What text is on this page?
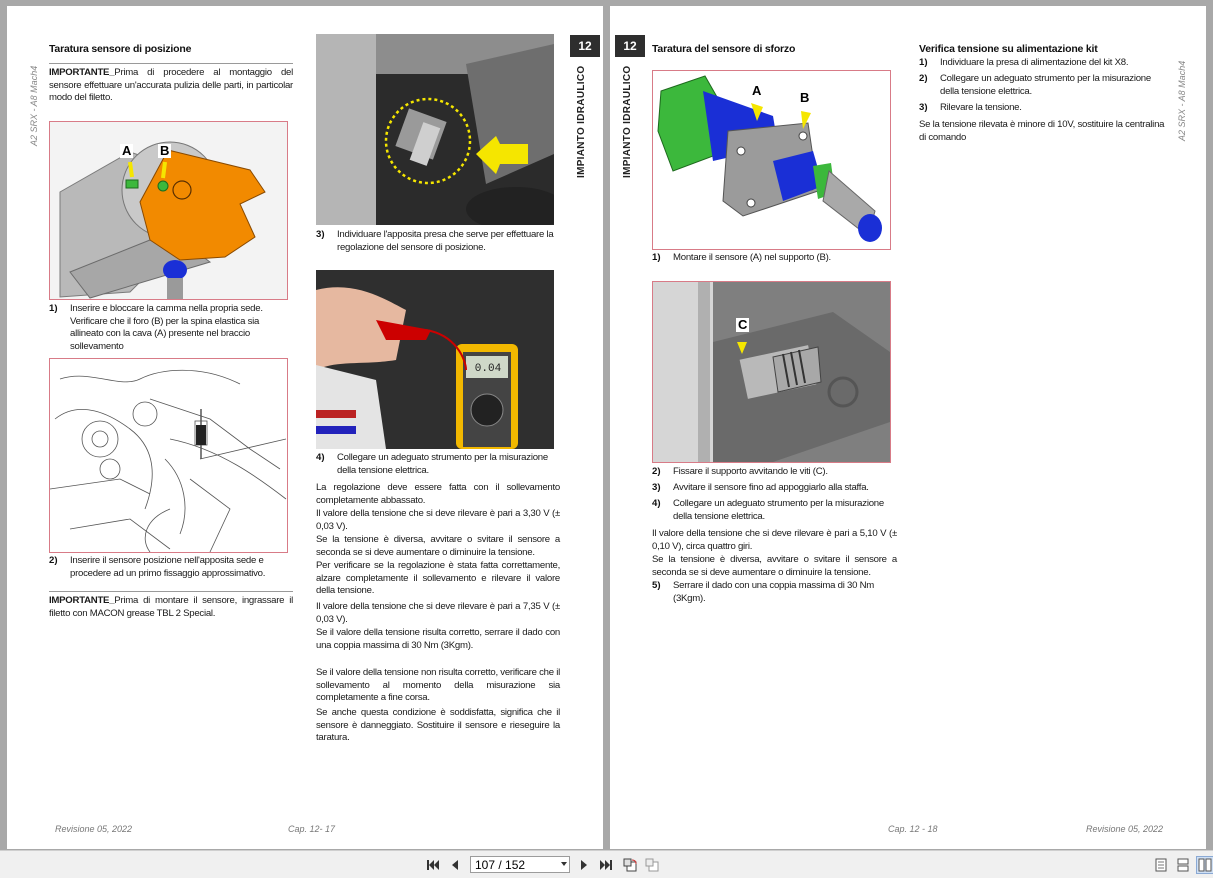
A2 SRX - A8 Mach4
12
IMPIANTO IDRAULICO
Taratura sensore di posizione
IMPORTANTE_Prima di procedere al montaggio del sensore effettuare un'accurata pulizia delle parti, in particolar modo del filetto.
A B
1) Inserire e bloccare la camma nella propria sede. Verificare che il foro (B) per la spina elastica sia allineato con la cava (A) presente nel braccio sollevamento
2) Inserire il sensore posizione nell'apposita sede e procedere ad un primo fissaggio approssimativo.
IMPORTANTE_Prima di montare il sensore, ingrassare il filetto con MACON grease TBL 2 Special.
3) Individuare l'apposita presa che serve per effettuare la regolazione del sensore di posizione.
0.04
4) Collegare un adeguato strumento per la misurazione della tensione elettrica.
La regolazione deve essere fatta con il sollevamento completamente abbassato.
Il valore della tensione che si deve rilevare è pari a 3,30 V (± 0,03 V).
Se la tensione è diversa, avvitare o svitare il sensore a seconda se si deve aumentare o diminuire la tensione.
Per verificare se la regolazione è stata fatta correttamente, alzare completamente il sollevamento e rilevare il valore della tensione.
Il valore della tensione che si deve rilevare è pari a 7,35 V (± 0,03 V).
Se il valore della tensione risulta corretto, serrare il dado con una coppia massima di 30 Nm (3Kgm).
Se il valore della tensione non risulta corretto, verificare che il sollevamento al momento della misurazione sia completamente a fine corsa.
Se anche questa condizione è soddisfatta, significa che il sensore è danneggiato. Sostituire il sensore e rieseguire la taratura.
Revisione 05, 2022	Cap. 12- 17
12
IMPIANTO IDRAULICO	A2 SRX - A8 Mach4
Taratura del sensore di sforzo
A	B
1) Montare il sensore (A) nel supporto (B).
C
2) Fissare il supporto avvitando le viti (C).
3) Avvitare il sensore fino ad appoggiarlo alla staffa.
4) Collegare un adeguato strumento per la misurazione della tensione elettrica.
Il valore della tensione che si deve rilevare è pari a 5,10 V (± 0,10 V), circa quattro giri.
Se la tensione è diversa, avvitare o svitare il sensore a seconda se si deve aumentare o diminuire la tensione.
5) Serrare il dado con una coppia massima di 30 Nm (3Kgm).
Verifica tensione su alimentazione kit
1) Individuare la presa di alimentazione del kit X8.
2) Collegare un adeguato strumento per la misurazione della tensione elettrica.
3) Rilevare la tensione.
Se la tensione rilevata è minore di 10V, sostituire la centralina di comando
Cap. 12 - 18	Revisione 05, 2022
107 / 152
